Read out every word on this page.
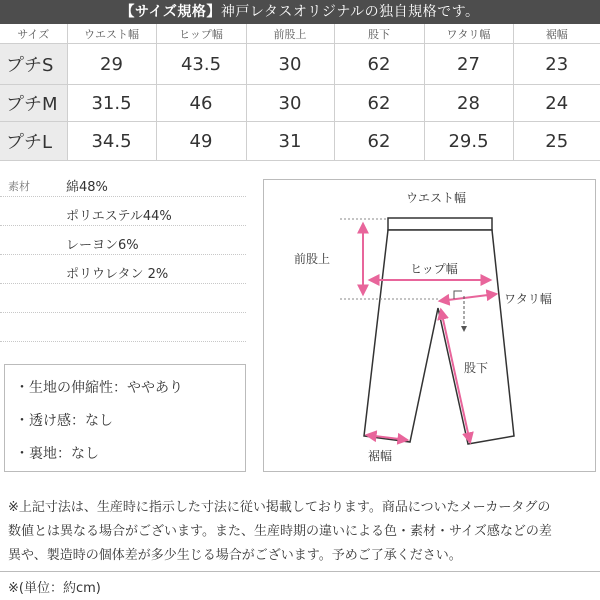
【サイズ規格】神戸レタスオリジナルの独自規格です。
サイズ	ウエスト幅	ヒップ幅	前股上	股下	ワタリ幅	裾幅
プチS	29	43.5	30	62	27	23
プチM	31.5	46	30	62	28	24
プチL	34.5	49	31	62	29.5	25
素材	綿48%
ポリエステル44%
レーヨン6%
ポリウレタン 2%
・生地の伸縮性：ややあり
・透け感：なし
・裏地：なし
ウエスト幅
前股上
ヒップ幅
ワタリ幅
股下
裾幅
※上記寸法は、生産時に指示した寸法に従い掲載しております。商品についたメーカータグの
数値とは異なる場合がございます。また、生産時期の違いによる色・素材・サイズ感などの差
異や、製造時の個体差が多少生じる場合がございます。予めご了承ください。
※(単位：約cm)
